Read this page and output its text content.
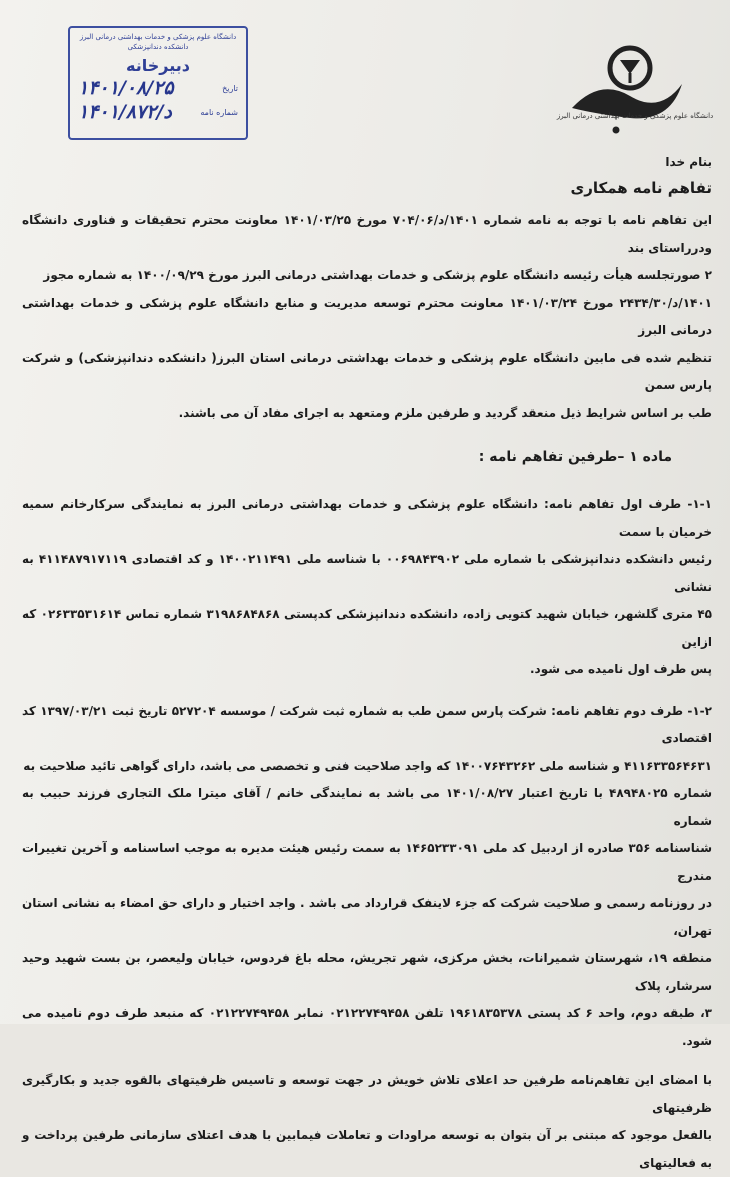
دانشگاه علوم پزشکی و خدمات بهداشتی درمانی البرز
دانشکده دندانپزشکی
دبیرخانه
تاریخ
۱۴۰۱/۰۸/۲۵
شماره نامه
۱۴۰۱/د/۸۷۲	دانشگاه علوم پزشکی و خدمات بهداشتی درمانی البرز
بنام خدا
تفاهم نامه همکاری

این تفاهم نامه با توجه به نامه شماره ۱۴۰۱/د/۷۰۴/۰۶ مورخ ۱۴۰۱/۰۳/۲۵ معاونت محترم تحقیقات و فناوری دانشگاه ودرراستای بند

۲ صورتجلسه هیأت رئیسه دانشگاه علوم پزشکی و خدمات بهداشتی درمانی البرز مورخ ۱۴۰۰/۰۹/۲۹ به شماره مجوز

۱۴۰۱/د/۲۴۳۴/۳۰ مورخ ۱۴۰۱/۰۳/۲۴ معاونت محترم توسعه مدیریت و منابع دانشگاه علوم پزشکی و خدمات بهداشتی درمانی البرز

تنظیم شده فی مابین دانشگاه علوم پزشکی و خدمات بهداشتی درمانی استان البرز( دانشکده دندانپزشکی) و شرکت پارس سمن

طب بر اساس شرایط ذیل منعقد گردید و طرفین ملزم ومتعهد به اجرای مفاد آن می باشند.

ماده ۱ –طرفین تفاهم نامه :

۱-۱- طرف اول تفاهم نامه: دانشگاه علوم پزشکی و خدمات بهداشتی درمانی البرز به نمایندگی سرکارخانم سمیه خرمیان با سمت

رئیس دانشکده دندانپزشکی با شماره ملی ۰۰۶۹۸۴۳۹۰۲ با شناسه ملی ۱۴۰۰۲۱۱۴۹۱ و کد اقتصادی ۴۱۱۴۸۷۹۱۷۱۱۹ به نشانی

۴۵ متری گلشهر، خیابان شهید کتویی زاده، دانشکده دندانپزشکی کدپستی ۳۱۹۸۶۸۴۸۶۸ شماره تماس ۰۲۶۳۳۵۳۱۶۱۴ که ازاین

پس طرف اول نامیده می شود.

۱-۲- طرف دوم تفاهم نامه: شرکت پارس سمن طب به شماره ثبت شرکت / موسسه ۵۲۷۲۰۴ تاریخ ثبت ۱۳۹۷/۰۳/۲۱ کد اقتصادی

۴۱۱۶۳۳۵۶۴۶۳۱ و شناسه ملی ۱۴۰۰۷۶۴۳۲۶۲ که واجد صلاحیت فنی و تخصصی می باشد، دارای گواهی تائید صلاحیت به

شماره ۴۸۹۴۸۰۲۵ با تاریخ اعتبار ۱۴۰۱/۰۸/۲۷ می باشد به نمایندگی خانم / آقای میترا ملک التجاری فرزند حبیب به شماره

شناسنامه ۳۵۶ صادره از اردبیل کد ملی ۱۴۶۵۲۳۳۰۹۱ به سمت رئیس هیئت مدیره به موجب اساسنامه و آخرین تغییرات مندرج

در روزنامه رسمی و صلاحیت شرکت که جزء لاینفک قرارداد می باشد . واجد اختیار و دارای حق امضاء به نشانی استان تهران،

منطقه ۱۹، شهرستان شمیرانات، بخش مرکزی، شهر تجریش، محله باغ فردوس، خیابان ولیعصر، بن بست شهید وحید سرشار، پلاک

۳، طبقه دوم، واحد ۶ کد پستی ۱۹۶۱۸۳۵۳۷۸ تلفن ۰۲۱۲۲۷۴۹۴۵۸ نمابر ۰۲۱۲۲۷۴۹۴۵۸ که منبعد طرف دوم نامیده می شود.

با امضای این تفاهم‌نامه طرفین حد اعلای تلاش خویش در جهت توسعه و تاسیس ظرفیتهای بالقوه جدید و بکارگیری ظرفیتهای

بالفعل موجود که مبتنی بر آن بتوان به توسعه مراودات و تعاملات فیمابین با هدف اعتلای سازمانی طرفین پرداخت و به فعالیتهای
